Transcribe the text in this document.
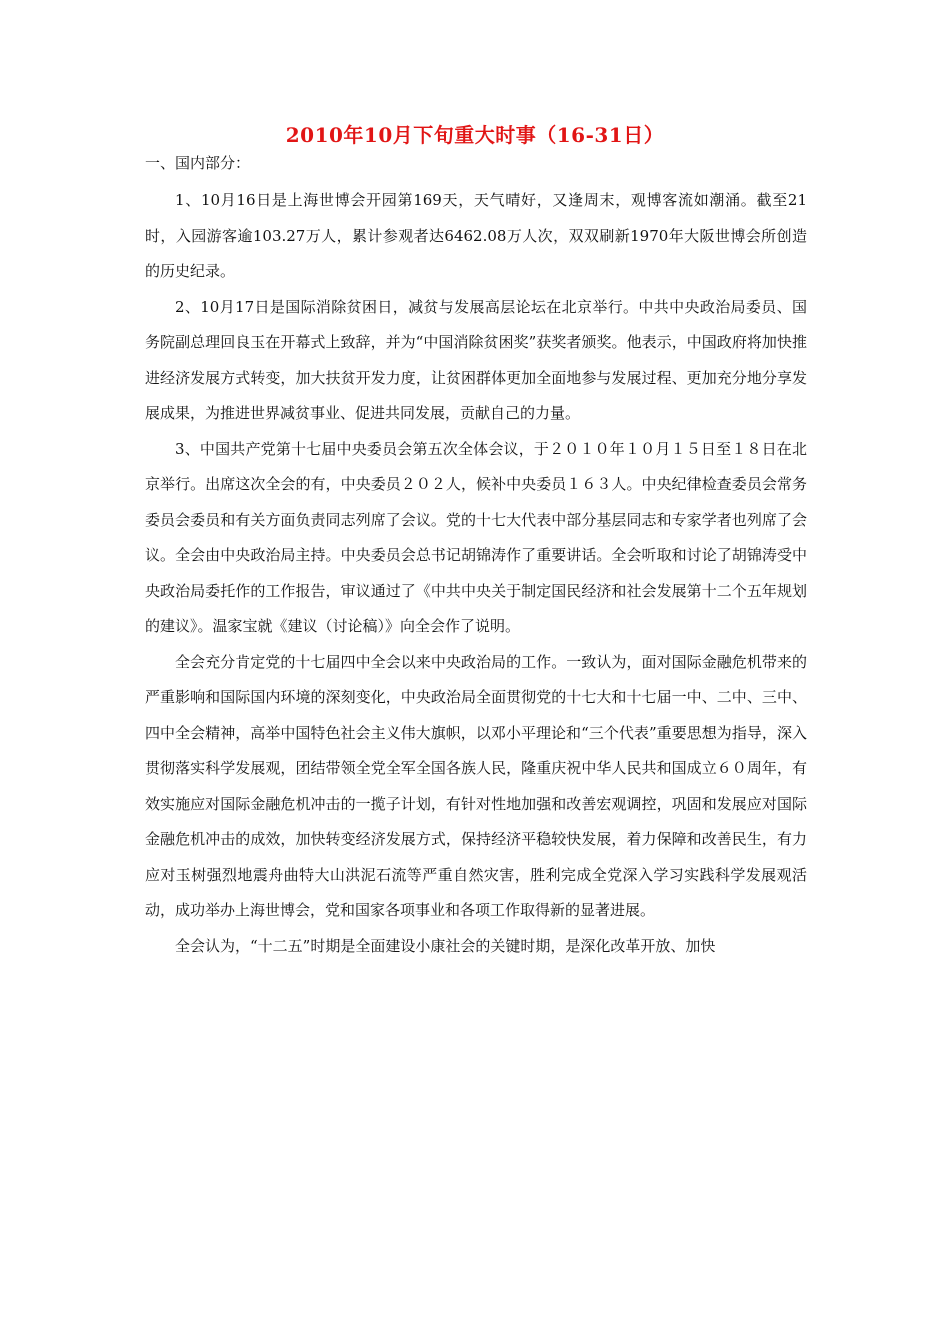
2010年10月下旬重大时事（16-31日）
一、国内部分：

1、10月16日是上海世博会开园第169天，天气晴好，又逢周末，观博客流如潮涌。截至21时，入园游客逾103.27万人，累计参观者达6462.08万人次，双双刷新1970年大阪世博会所创造的历史纪录。

2、10月17日是国际消除贫困日，减贫与发展高层论坛在北京举行。中共中央政治局委员、国务院副总理回良玉在开幕式上致辞，并为“中国消除贫困奖”获奖者颁奖。他表示，中国政府将加快推进经济发展方式转变，加大扶贫开发力度，让贫困群体更加全面地参与发展过程、更加充分地分享发展成果，为推进世界减贫事业、促进共同发展，贡献自己的力量。

3、中国共产党第十七届中央委员会第五次全体会议，于２０１０年１０月１５日至１８日在北京举行。出席这次全会的有，中央委员２０２人，候补中央委员１６３人。中央纪律检查委员会常务委员会委员和有关方面负责同志列席了会议。党的十七大代表中部分基层同志和专家学者也列席了会议。全会由中央政治局主持。中央委员会总书记胡锦涛作了重要讲话。全会听取和讨论了胡锦涛受中央政治局委托作的工作报告，审议通过了《中共中央关于制定国民经济和社会发展第十二个五年规划的建议》。温家宝就《建议（讨论稿）》向全会作了说明。

全会充分肯定党的十七届四中全会以来中央政治局的工作。一致认为，面对国际金融危机带来的严重影响和国际国内环境的深刻变化，中央政治局全面贯彻党的十七大和十七届一中、二中、三中、四中全会精神，高举中国特色社会主义伟大旗帜，以邓小平理论和“三个代表”重要思想为指导，深入贯彻落实科学发展观，团结带领全党全军全国各族人民，隆重庆祝中华人民共和国成立６０周年，有效实施应对国际金融危机冲击的一揽子计划，有针对性地加强和改善宏观调控，巩固和发展应对国际金融危机冲击的成效，加快转变经济发展方式，保持经济平稳较快发展，着力保障和改善民生，有力应对玉树强烈地震舟曲特大山洪泥石流等严重自然灾害，胜利完成全党深入学习实践科学发展观活动，成功举办上海世博会，党和国家各项事业和各项工作取得新的显著进展。

全会认为，“十二五”时期是全面建设小康社会的关键时期，是深化改革开放、加快
